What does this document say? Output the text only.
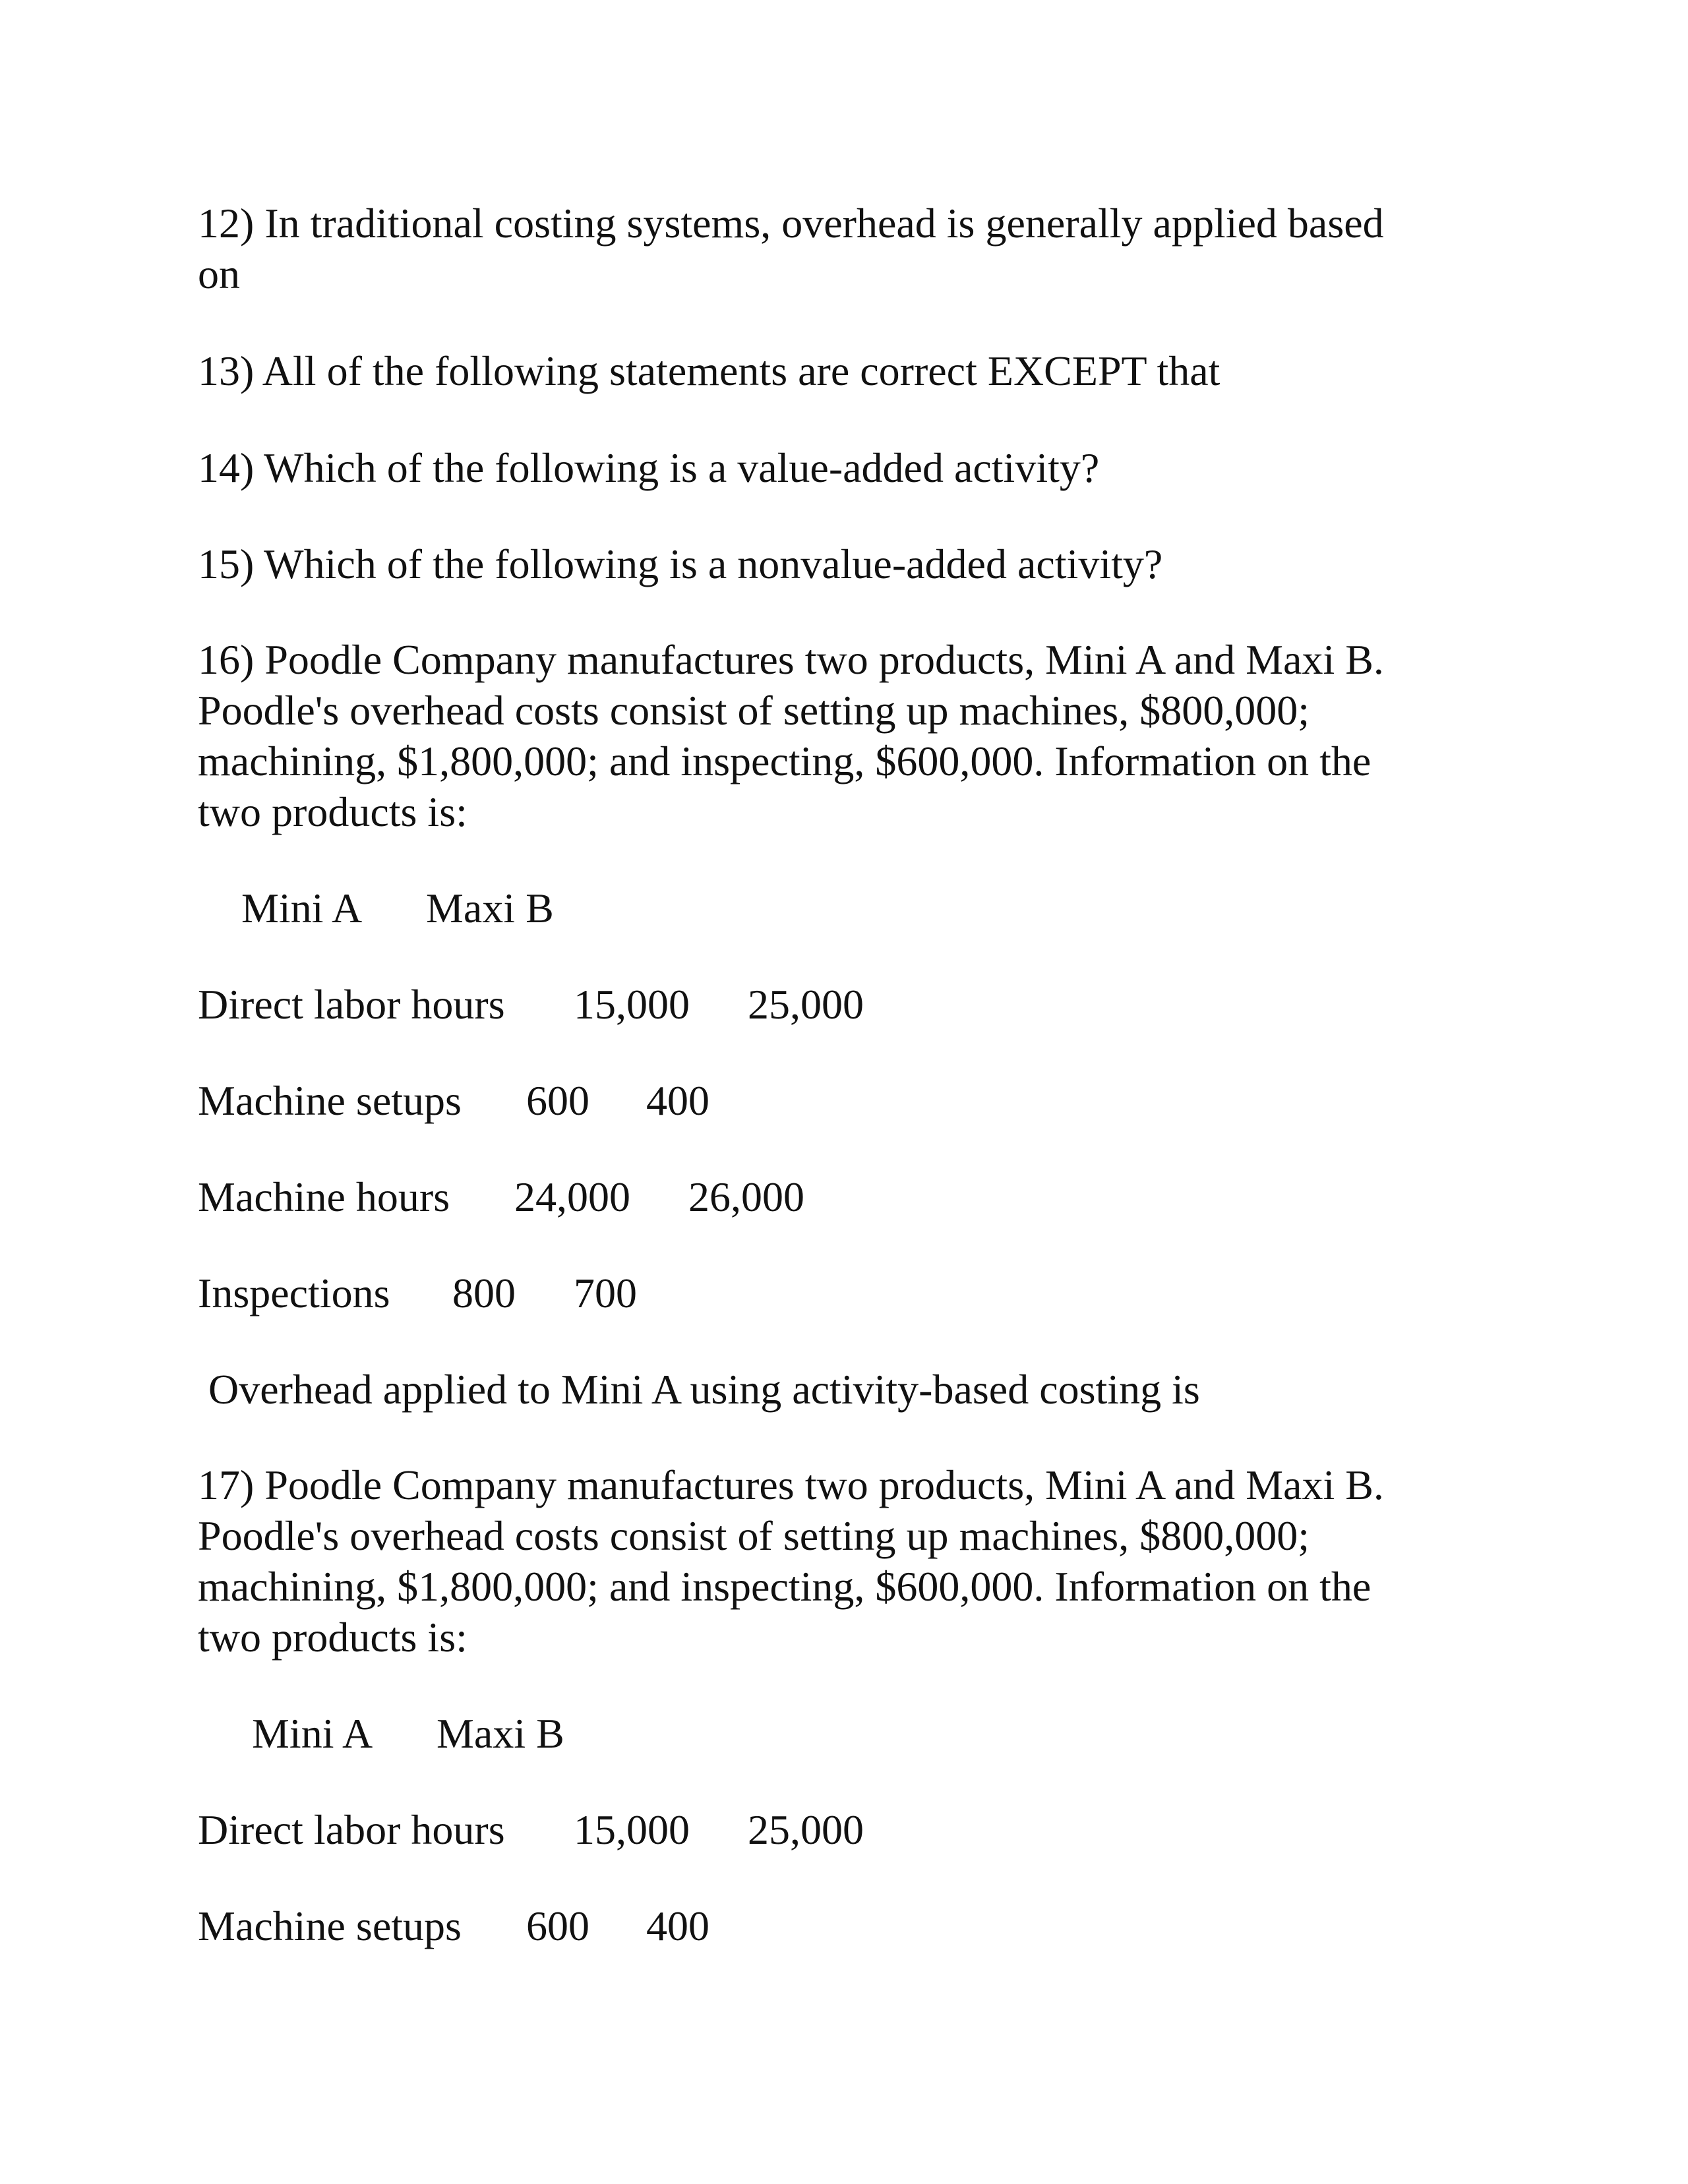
12) In traditional costing systems, overhead is generally applied based
on
13) All of the following statements are correct EXCEPT that
14) Which of the following is a value-added activity?
15) Which of the following is a nonvalue-added activity?
16) Poodle Company manufactures two products, Mini A and Maxi B.
Poodle's overhead costs consist of setting up machines, $800,000;
machining, $1,800,000; and inspecting, $600,000. Information on the
two products is:
Mini A Maxi B
Direct labor hours 15,000 25,000
Machine setups 600 400
Machine hours 24,000 26,000
Inspections 800 700
Overhead applied to Mini A using activity-based costing is
17) Poodle Company manufactures two products, Mini A and Maxi B.
Poodle's overhead costs consist of setting up machines, $800,000;
machining, $1,800,000; and inspecting, $600,000. Information on the
two products is:
Mini A Maxi B
Direct labor hours 15,000 25,000
Machine setups 600 400
